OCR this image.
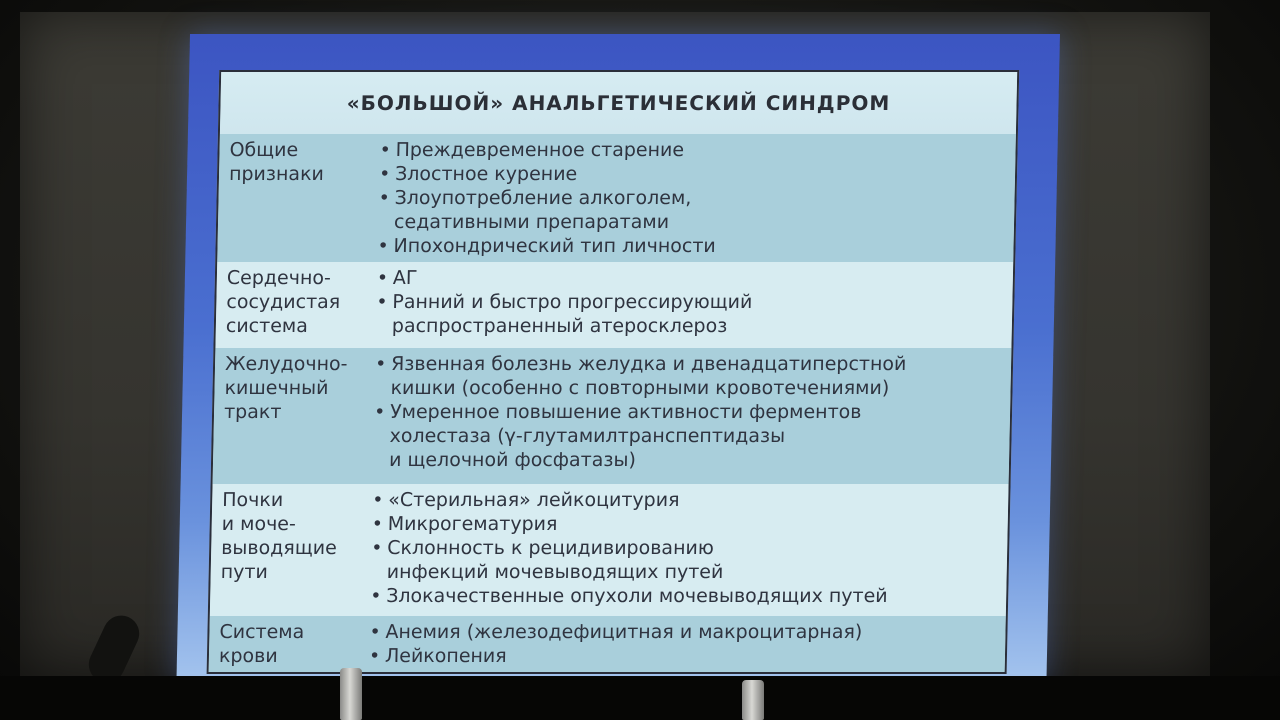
«БОЛЬШОЙ» АНАЛЬГЕТИЧЕСКИЙ СИНДРОМ
Общие
признаки
• Преждевременное старение
• Злостное курение
• Злоупотребление алкоголем,
седативными препаратами
• Ипохондрический тип личности
Сердечно-
сосудистая
система
• АГ
• Ранний и быстро прогрессирующий
распространенный атеросклероз
Желудочно-
кишечный
тракт
• Язвенная болезнь желудка и двенадцатиперстной
кишки (особенно с повторными кровотечениями)
• Умеренное повышение активности ферментов
холестаза (γ-глутамилтранспептидазы
и щелочной фосфатазы)
Почки
и моче-
выводящие
пути
• «Стерильная» лейкоцитурия
• Микрогематурия
• Склонность к рецидивированию
инфекций мочевыводящих путей
• Злокачественные опухоли мочевыводящих путей
Система
крови
• Анемия (железодефицитная и макроцитарная)
• Лейкопения
